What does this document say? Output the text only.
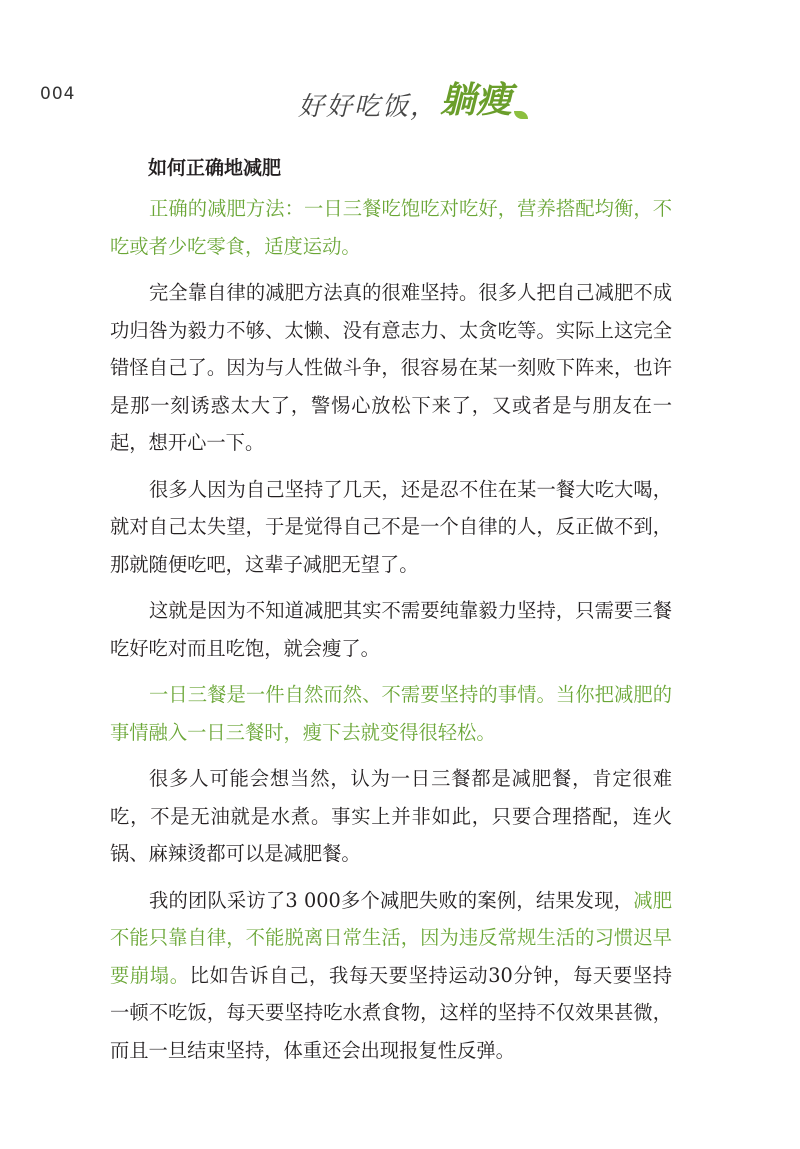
004	好好吃饭， 躺瘦
如何正确地减肥

正确的减肥方法：一日三餐吃饱吃对吃好，营养搭配均衡，不吃或者少吃零食，适度运动。

完全靠自律的减肥方法真的很难坚持。很多人把自己减肥不成功归咎为毅力不够、太懒、没有意志力、太贪吃等。实际上这完全错怪自己了。因为与人性做斗争，很容易在某一刻败下阵来，也许是那一刻诱惑太大了，警惕心放松下来了，又或者是与朋友在一起，想开心一下。

很多人因为自己坚持了几天，还是忍不住在某一餐大吃大喝，就对自己太失望，于是觉得自己不是一个自律的人，反正做不到，那就随便吃吧，这辈子减肥无望了。

这就是因为不知道减肥其实不需要纯靠毅力坚持，只需要三餐吃好吃对而且吃饱，就会瘦了。

一日三餐是一件自然而然、不需要坚持的事情。当你把减肥的事情融入一日三餐时，瘦下去就变得很轻松。

很多人可能会想当然，认为一日三餐都是减肥餐，肯定很难吃，不是无油就是水煮。事实上并非如此，只要合理搭配，连火锅、麻辣烫都可以是减肥餐。

我的团队采访了3 000多个减肥失败的案例，结果发现，减肥不能只靠自律，不能脱离日常生活，因为违反常规生活的习惯迟早要崩塌。比如告诉自己，我每天要坚持运动30分钟，每天要坚持一顿不吃饭，每天要坚持吃水煮食物，这样的坚持不仅效果甚微，而且一旦结束坚持，体重还会出现报复性反弹。
